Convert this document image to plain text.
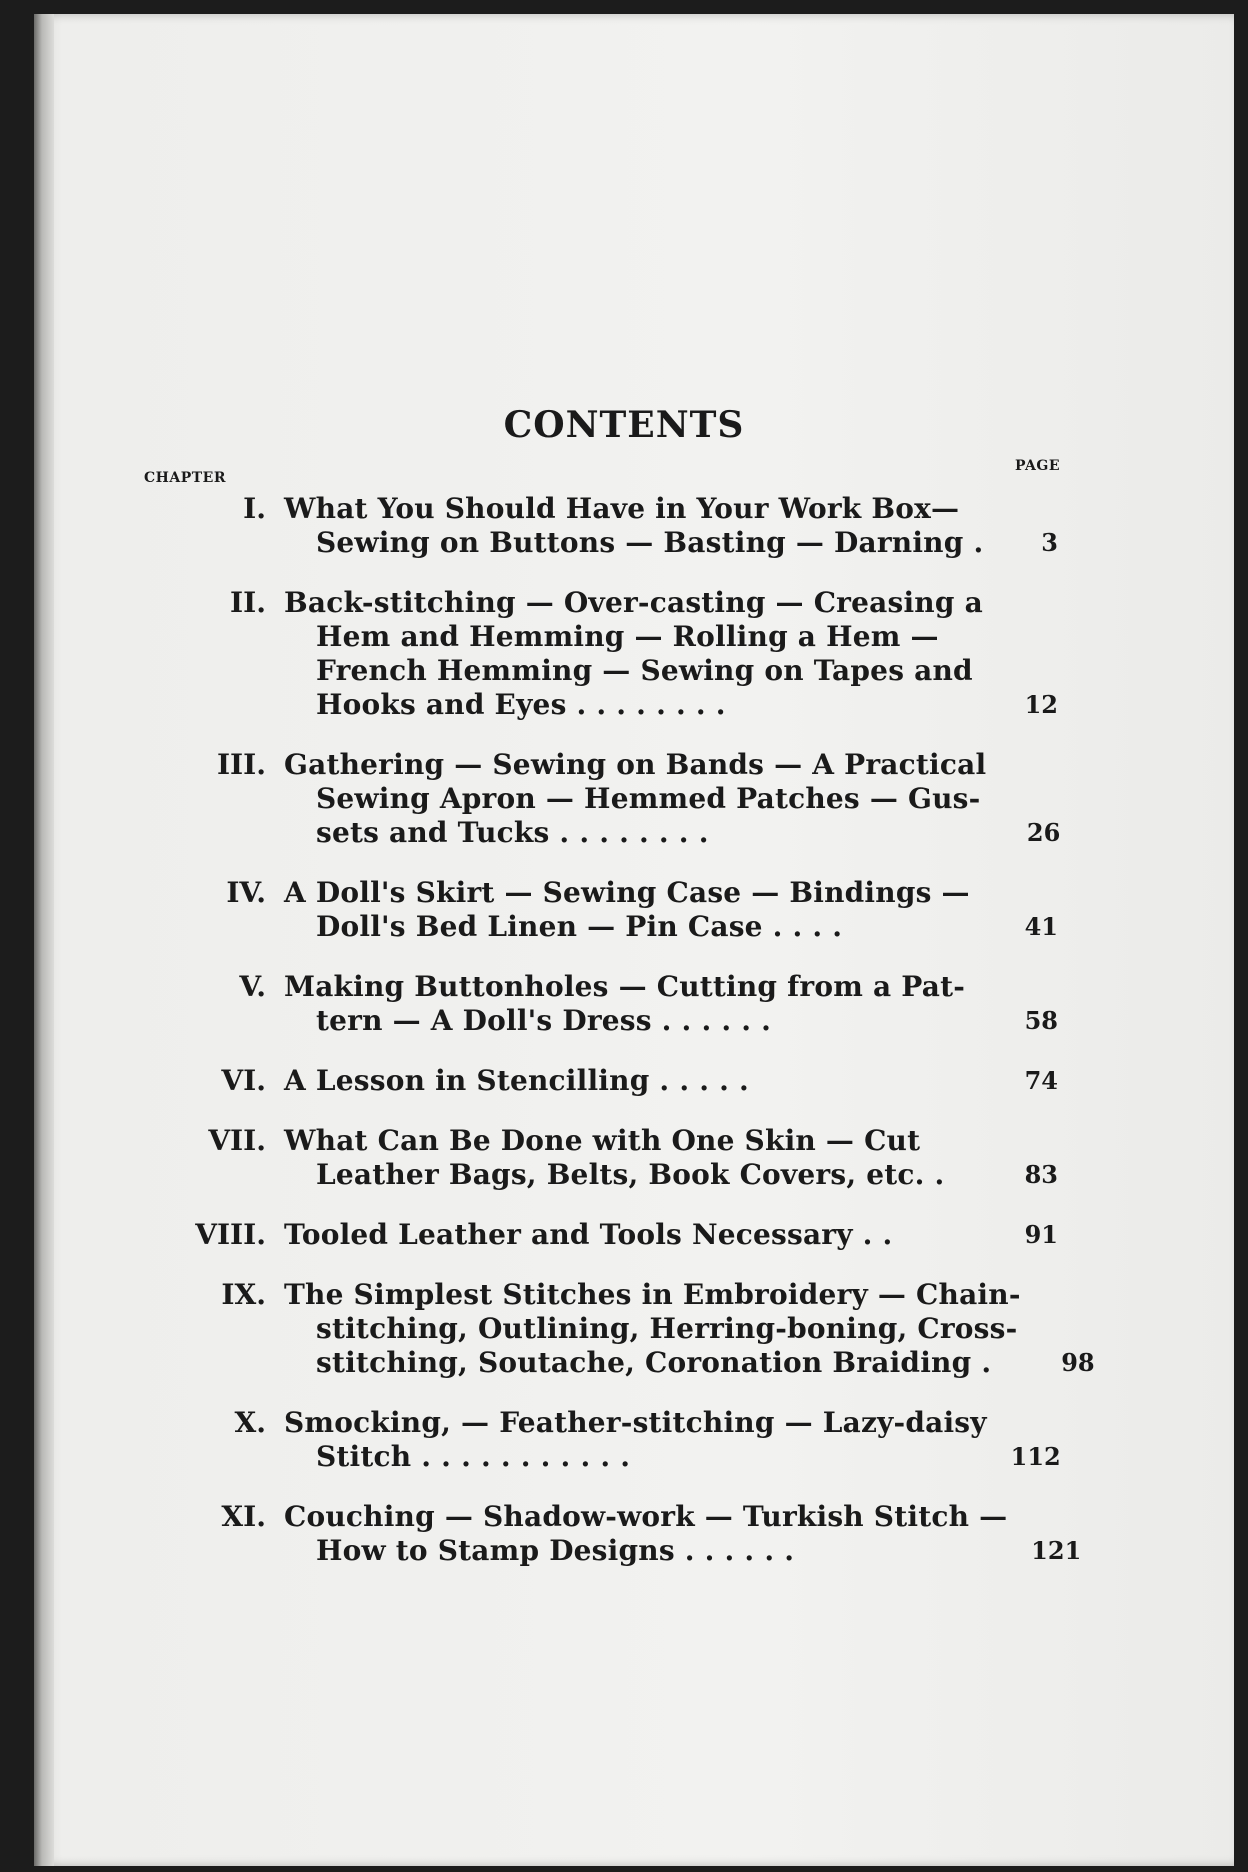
CONTENTS
CHAPTER
PAGE
I. What You Should Have in Your Work Box—
Sewing on Buttons — Basting — Darning .	3
II. Back-stitching — Over-casting — Creasing a
Hem and Hemming — Rolling a Hem —
French Hemming — Sewing on Tapes and
Hooks and Eyes . . . . . . . .	12
III. Gathering — Sewing on Bands — A Practical
Sewing Apron — Hemmed Patches — Gus-
sets and Tucks . . . . . . . .	26
IV. A Doll's Skirt — Sewing Case — Bindings —
Doll's Bed Linen — Pin Case . . . .	41
V. Making Buttonholes — Cutting from a Pat-
tern — A Doll's Dress . . . . . .	58
VI. A Lesson in Stencilling . . . . .	74
VII. What Can Be Done with One Skin — Cut
Leather Bags, Belts, Book Covers, etc. .	83
VIII. Tooled Leather and Tools Necessary . .	91
IX. The Simplest Stitches in Embroidery — Chain-
stitching, Outlining, Herring-boning, Cross-
stitching, Soutache, Coronation Braiding .	98
X. Smocking, — Feather-stitching — Lazy-daisy
Stitch . . . . . . . . . . .	112
XI. Couching — Shadow-work — Turkish Stitch —
How to Stamp Designs . . . . . .	121
